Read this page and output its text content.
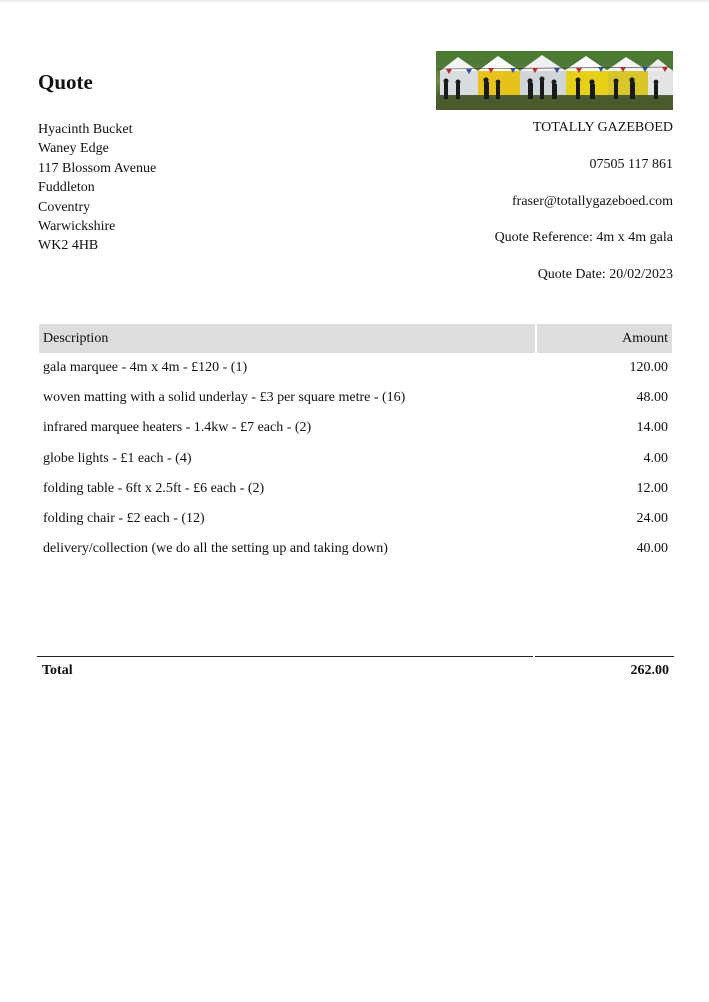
Quote
Hyacinth Bucket
Waney Edge
117 Blossom Avenue
Fuddleton
Coventry
Warwickshire
WK2 4HB
TOTALLY GAZEBOED
07505 117 861
fraser@totallygazeboed.com
Quote Reference: 4m x 4m gala
Quote Date: 20/02/2023
Description	Amount
gala marquee - 4m x 4m - £120 - (1)	120.00
woven matting with a solid underlay - £3 per square metre - (16)	48.00
infrared marquee heaters - 1.4kw - £7 each - (2)	14.00
globe lights - £1 each - (4)	4.00
folding table - 6ft x 2.5ft - £6 each - (2)	12.00
folding chair - £2 each - (12)	24.00
delivery/collection (we do all the setting up and taking down)	40.00
Total	262.00
